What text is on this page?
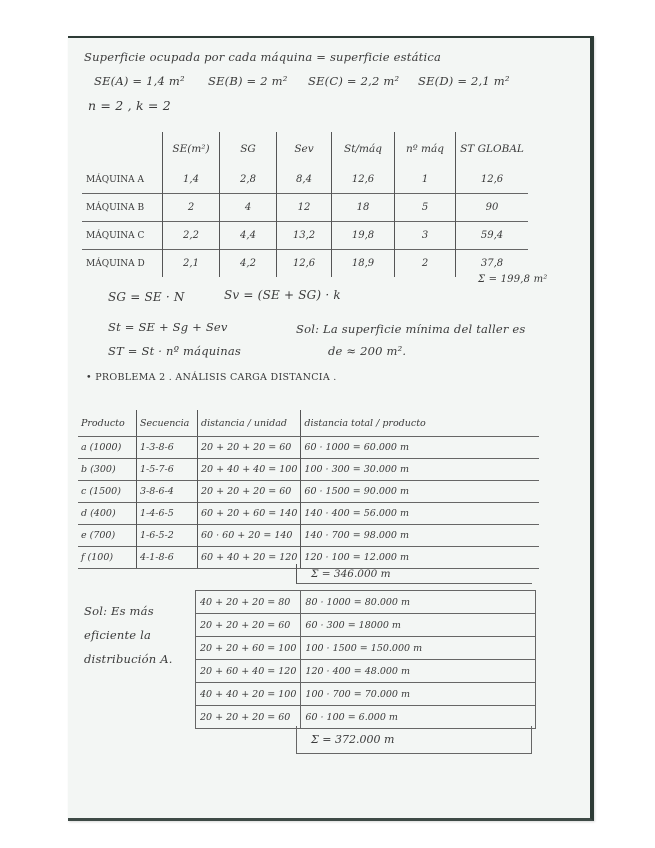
Superficie ocupada por cada máquina = superficie estática
SE(A) = 1,4 m² SE(B) = 2 m² SE(C) = 2,2 m² SE(D) = 2,1 m²
n = 2 , k = 2
	SE(m²)	SG	Sev	St/máq	nº máq	ST GLOBAL
MÁQUINA A	1,4	2,8	8,4	12,6	1	12,6
MÁQUINA B	2	4	12	18	5	90
MÁQUINA C	2,2	4,4	13,2	19,8	3	59,4
MÁQUINA D	2,1	4,2	12,6	18,9	2	37,8
Σ = 199,8 m²
SG = SE · N	Sv = (SE + SG) · k
St = SE + Sg + Sev
ST = St · nº máquinas
Sol: La superficie mínima del taller es
de ≈ 200 m².
• PROBLEMA 2 . ANÁLISIS CARGA DISTANCIA .
Producto	Secuencia	distancia / unidad	distancia total / producto
a (1000)	1-3-8-6	20 + 20 + 20 = 60	60 · 1000 = 60.000 m
b (300)	1-5-7-6	20 + 40 + 40 = 100	100 · 300 = 30.000 m
c (1500)	3-8-6-4	20 + 20 + 20 = 60	60 · 1500 = 90.000 m
d (400)	1-4-6-5	60 + 20 + 60 = 140	140 · 400 = 56.000 m
e (700)	1-6-5-2	60 · 60 + 20 = 140	140 · 700 = 98.000 m
f (100)	4-1-8-6	60 + 40 + 20 = 120	120 · 100 = 12.000 m
Σ = 346.000 m
Sol: Es más
eficiente la
distribución A.
40 + 20 + 20 = 80	80 · 1000 = 80.000 m
20 + 20 + 20 = 60	60 · 300 = 18000 m
20 + 20 + 60 = 100	100 · 1500 = 150.000 m
20 + 60 + 40 = 120	120 · 400 = 48.000 m
40 + 40 + 20 = 100	100 · 700 = 70.000 m
20 + 20 + 20 = 60	60 · 100 = 6.000 m
Σ = 372.000 m
